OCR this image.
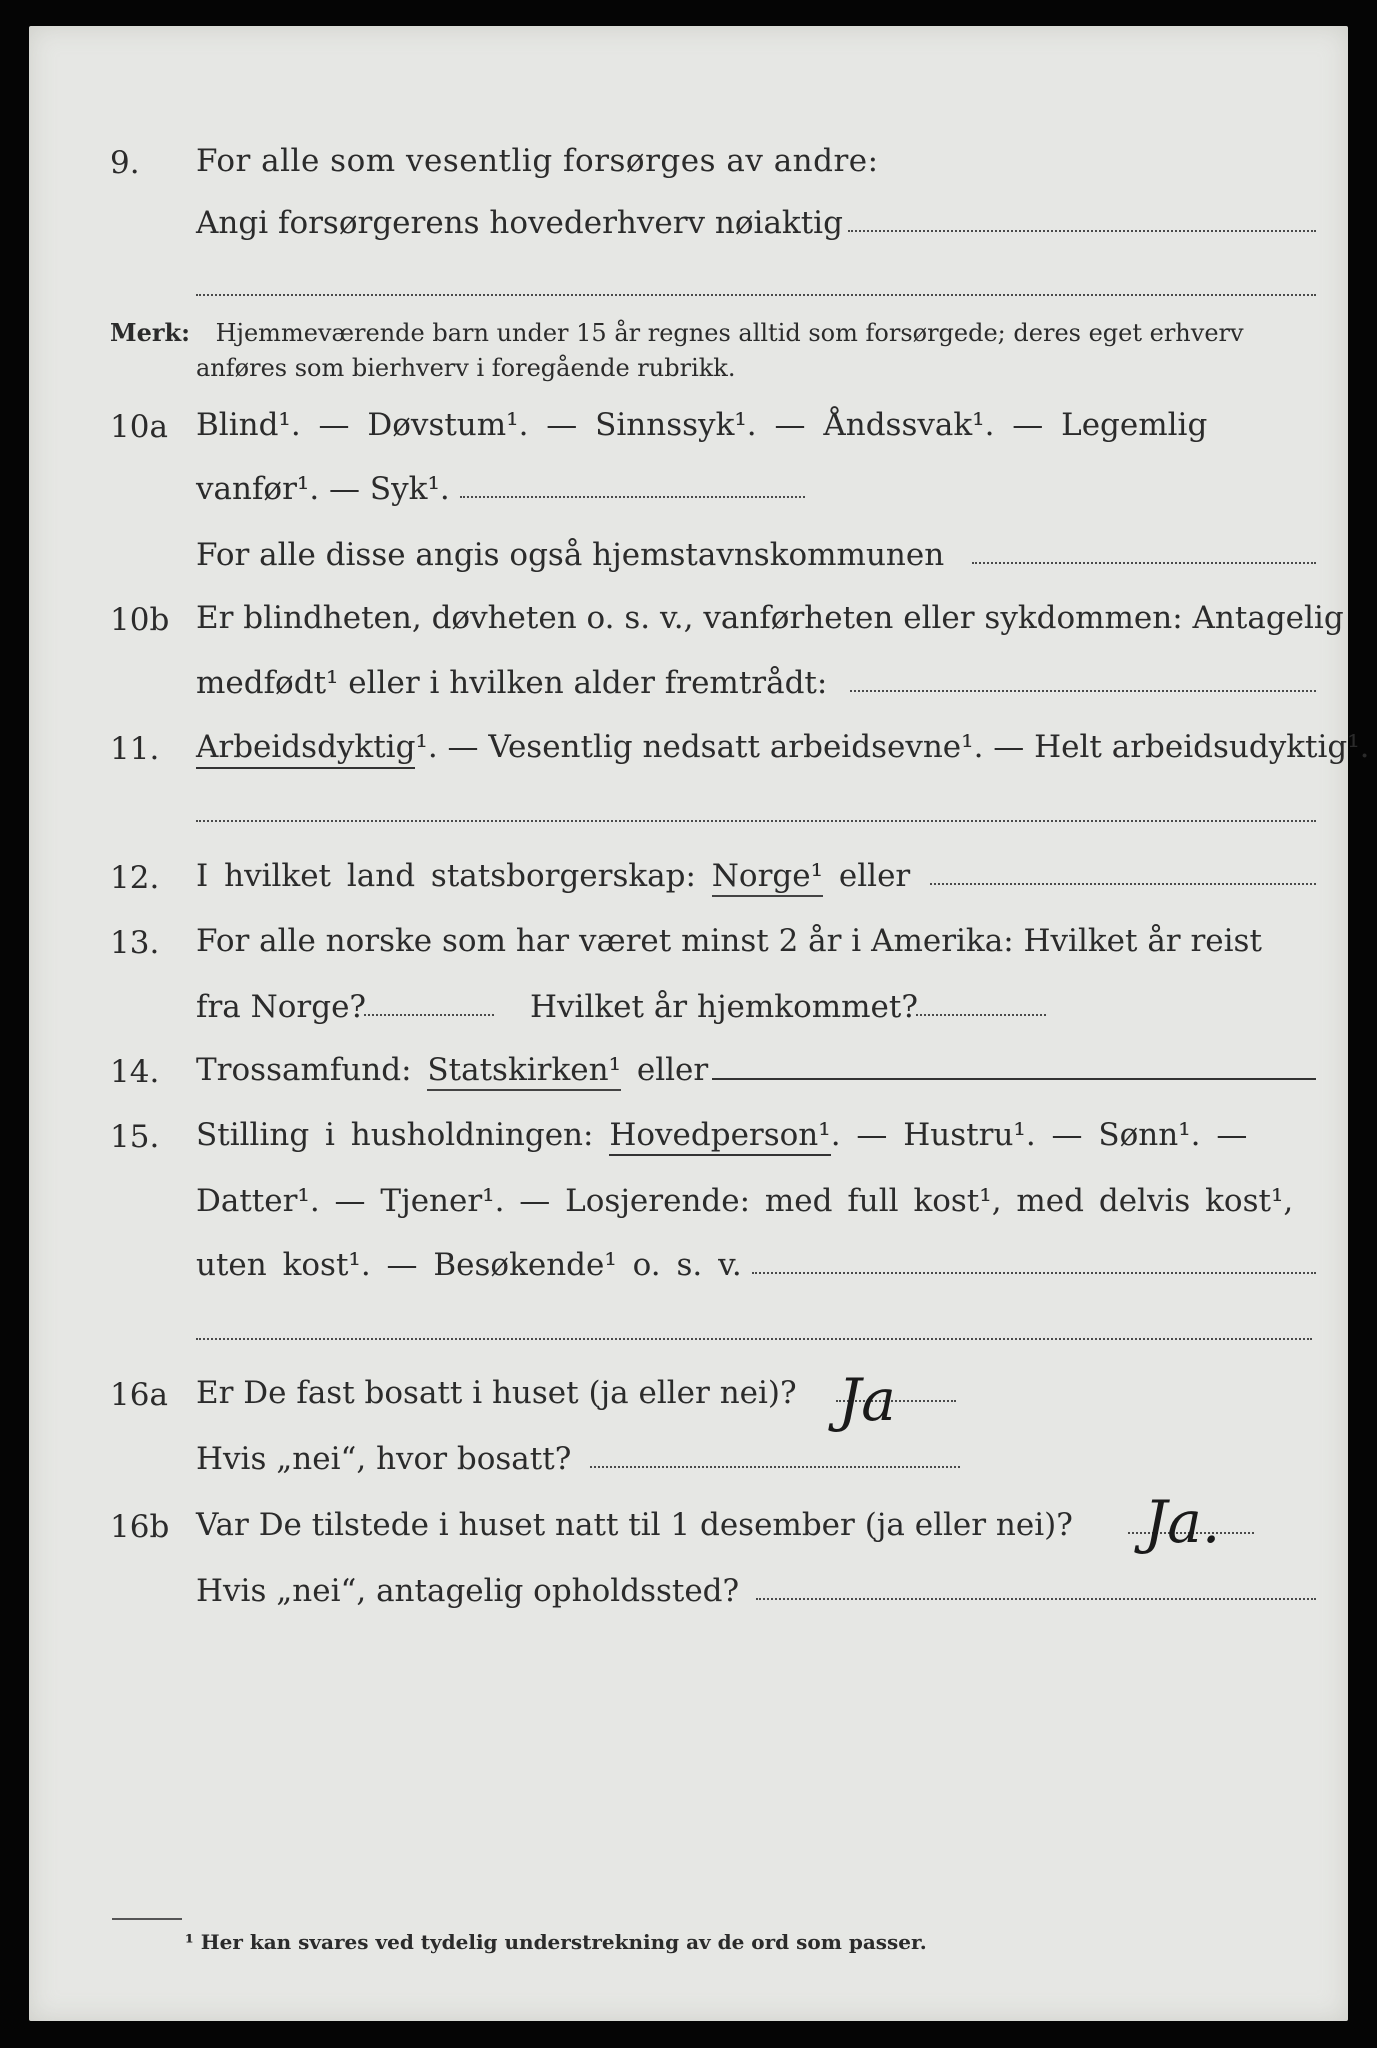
9. For alle som vesentlig forsørges av andre:
Angi forsørgerens hovederhverv nøiaktig
Merk: Hjemmeværende barn under 15 år regnes alltid som forsørgede; deres eget erhverv
anføres som bierhverv i foregående rubrikk.
10a Blind¹. — Døvstum¹. — Sinnssyk¹. — Åndssvak¹. — Legemlig
vanfør¹. — Syk¹.
For alle disse angis også hjemstavnskommunen
10b Er blindheten, døvheten o. s. v., vanførheten eller sykdommen: Antagelig
medfødt¹ eller i hvilken alder fremtrådt:
11. Arbeidsdyktig¹. — Vesentlig nedsatt arbeidsevne¹. — Helt arbeidsudyktig¹.
12. I hvilket land statsborgerskap: Norge¹ eller
13. For alle norske som har været minst 2 år i Amerika: Hvilket år reist
fra Norge?	Hvilket år hjemkommet?
14. Trossamfund: Statskirken¹ eller
15. Stilling i husholdningen: Hovedperson¹. — Hustru¹. — Sønn¹. —
Datter¹. — Tjener¹. — Losjerende: med full kost¹, med delvis kost¹,
uten kost¹. — Besøkende¹ o. s. v.
16a Er De fast bosatt i huset (ja eller nei)? Ja
Hvis „nei“, hvor bosatt?
16b Var De tilstede i huset natt til 1 desember (ja eller nei)? Ja.
Hvis „nei“, antagelig opholdssted?
¹ Her kan svares ved tydelig understrekning av de ord som passer.
